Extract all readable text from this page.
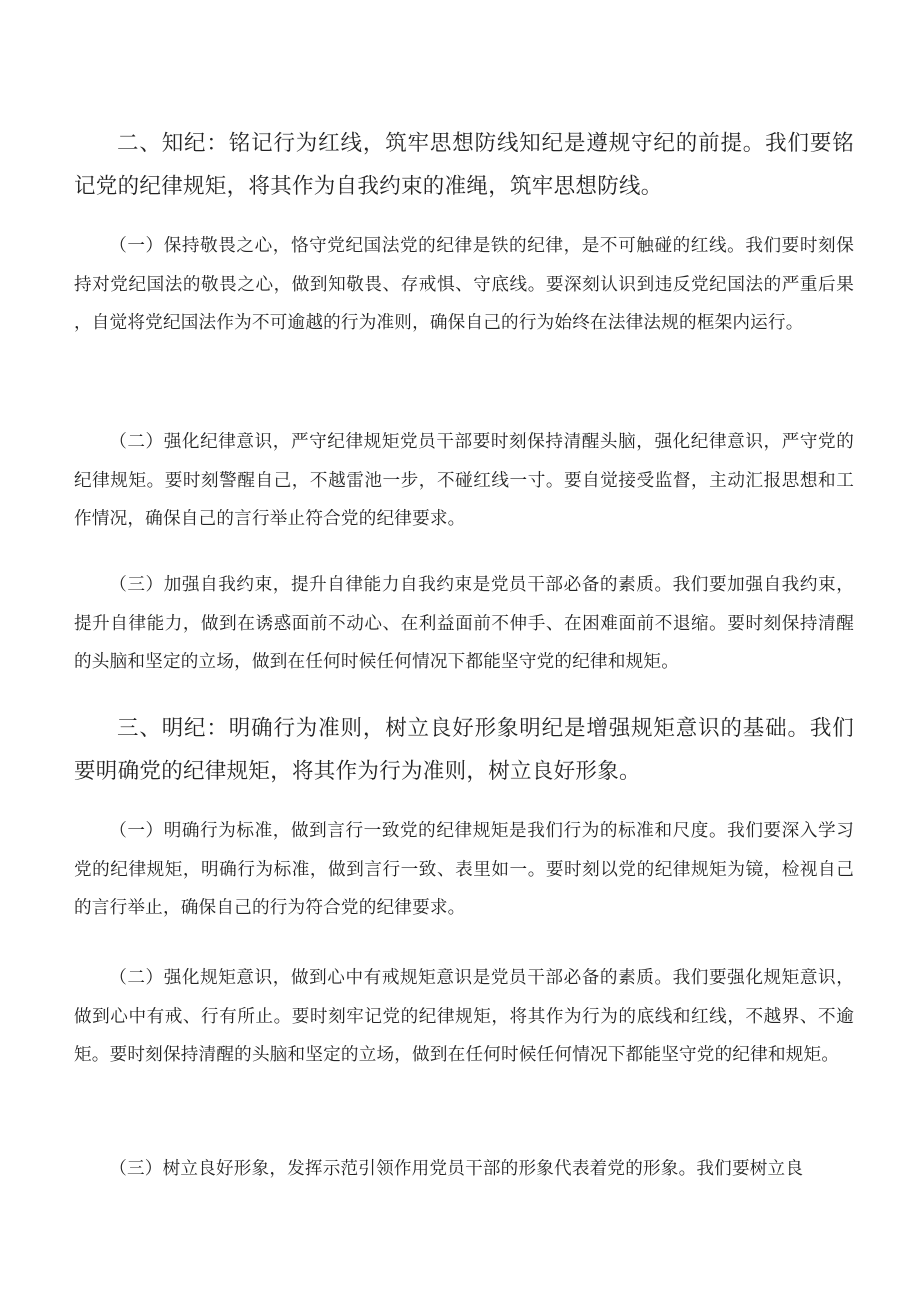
二、知纪：铭记行为红线，筑牢思想防线知纪是遵规守纪的前提。我们要铭记党的纪律规矩，将其作为自我约束的准绳，筑牢思想防线。

（一）保持敬畏之心，恪守党纪国法党的纪律是铁的纪律，是不可触碰的红线。我们要时刻保持对党纪国法的敬畏之心，做到知敬畏、存戒惧、守底线。要深刻认识到违反党纪国法的严重后果，自觉将党纪国法作为不可逾越的行为准则，确保自己的行为始终在法律法规的框架内运行。

（二）强化纪律意识，严守纪律规矩党员干部要时刻保持清醒头脑，强化纪律意识，严守党的纪律规矩。要时刻警醒自己，不越雷池一步，不碰红线一寸。要自觉接受监督，主动汇报思想和工作情况，确保自己的言行举止符合党的纪律要求。

（三）加强自我约束，提升自律能力自我约束是党员干部必备的素质。我们要加强自我约束，提升自律能力，做到在诱惑面前不动心、在利益面前不伸手、在困难面前不退缩。要时刻保持清醒的头脑和坚定的立场，做到在任何时候任何情况下都能坚守党的纪律和规矩。

三、明纪：明确行为准则，树立良好形象明纪是增强规矩意识的基础。我们要明确党的纪律规矩，将其作为行为准则，树立良好形象。

（一）明确行为标准，做到言行一致党的纪律规矩是我们行为的标准和尺度。我们要深入学习党的纪律规矩，明确行为标准，做到言行一致、表里如一。要时刻以党的纪律规矩为镜，检视自己的言行举止，确保自己的行为符合党的纪律要求。

（二）强化规矩意识，做到心中有戒规矩意识是党员干部必备的素质。我们要强化规矩意识，做到心中有戒、行有所止。要时刻牢记党的纪律规矩，将其作为行为的底线和红线，不越界、不逾矩。要时刻保持清醒的头脑和坚定的立场，做到在任何时候任何情况下都能坚守党的纪律和规矩。

（三）树立良好形象，发挥示范引领作用党员干部的形象代表着党的形象。我们要树立良
